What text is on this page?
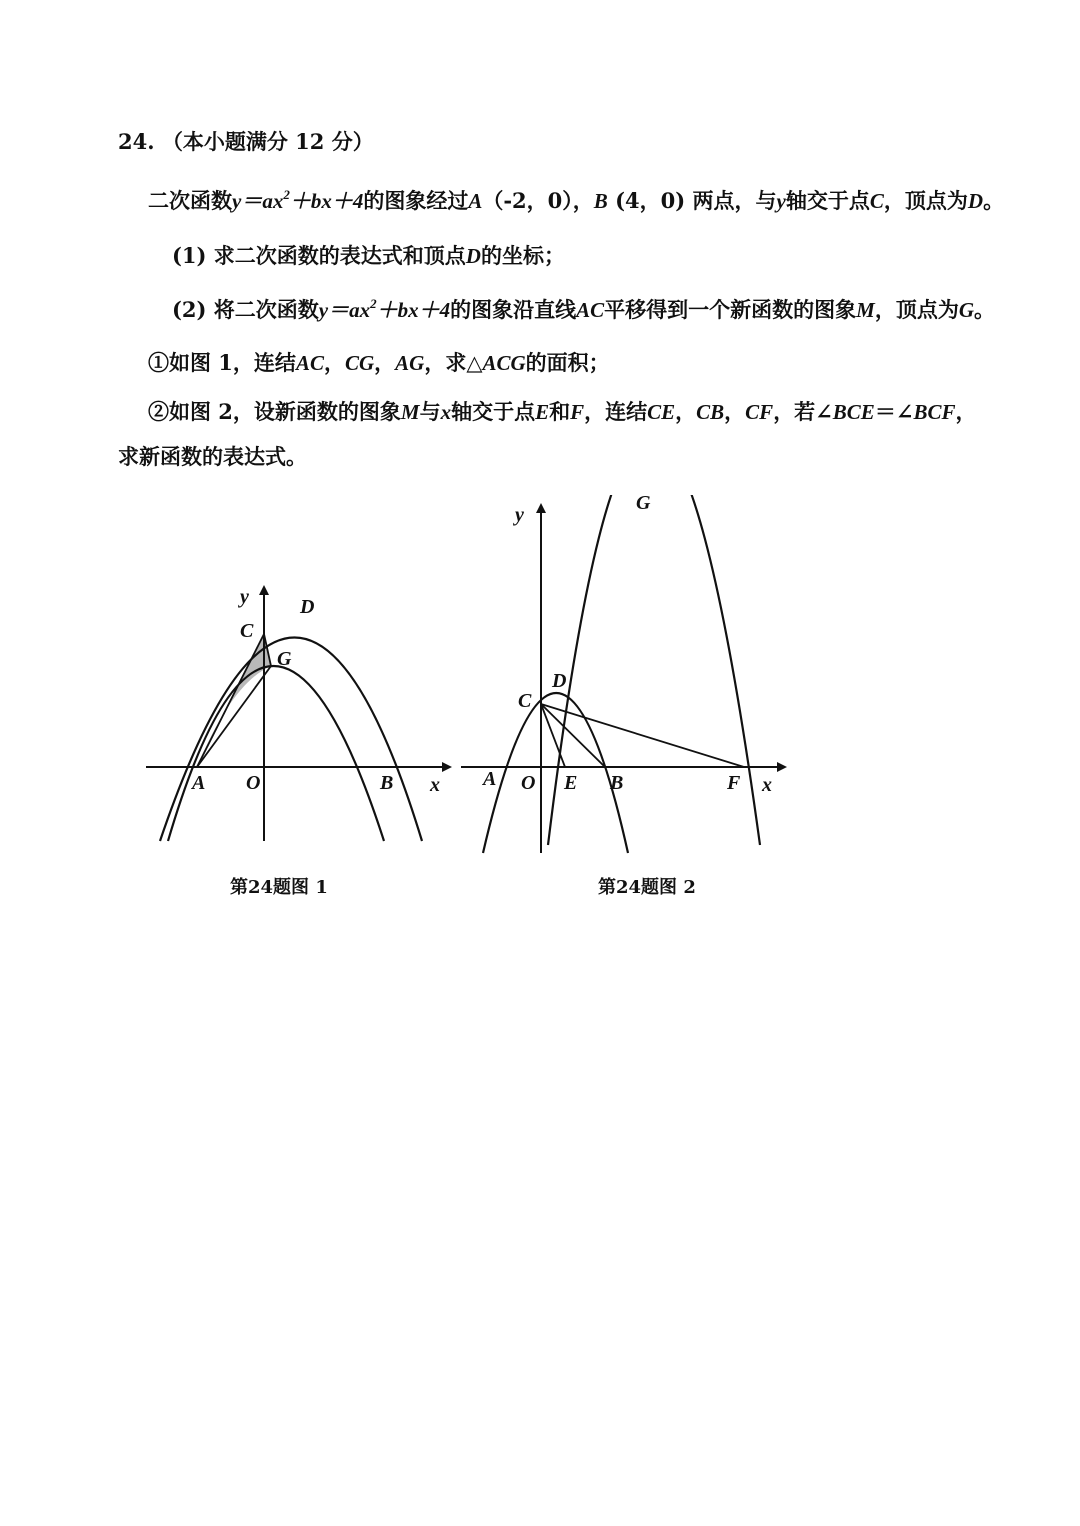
24. （本小题满分 12 分）
二次函数$y=ax^2+bx+4$的图象经过A（-2，0），B (4，0) 两点，与y轴交于点C，顶点为D。
(1) 求二次函数的表达式和顶点D的坐标；
(2) 将二次函数$y=ax^2+bx+4$的图象沿直线AC平移得到一个新函数的图象M，顶点为G。
①如图 1，连结AC，CG，AG，求△ACG的面积；
②如图 2，设新函数的图象M与x轴交于点E和F，连结CE，CB，CF，若∠BCE＝∠BCF，
求新函数的表达式。
y
x
A O	B
C
D
G
第24题图 1
y
x
A O E B	F
C
D
G
第24题图 2
